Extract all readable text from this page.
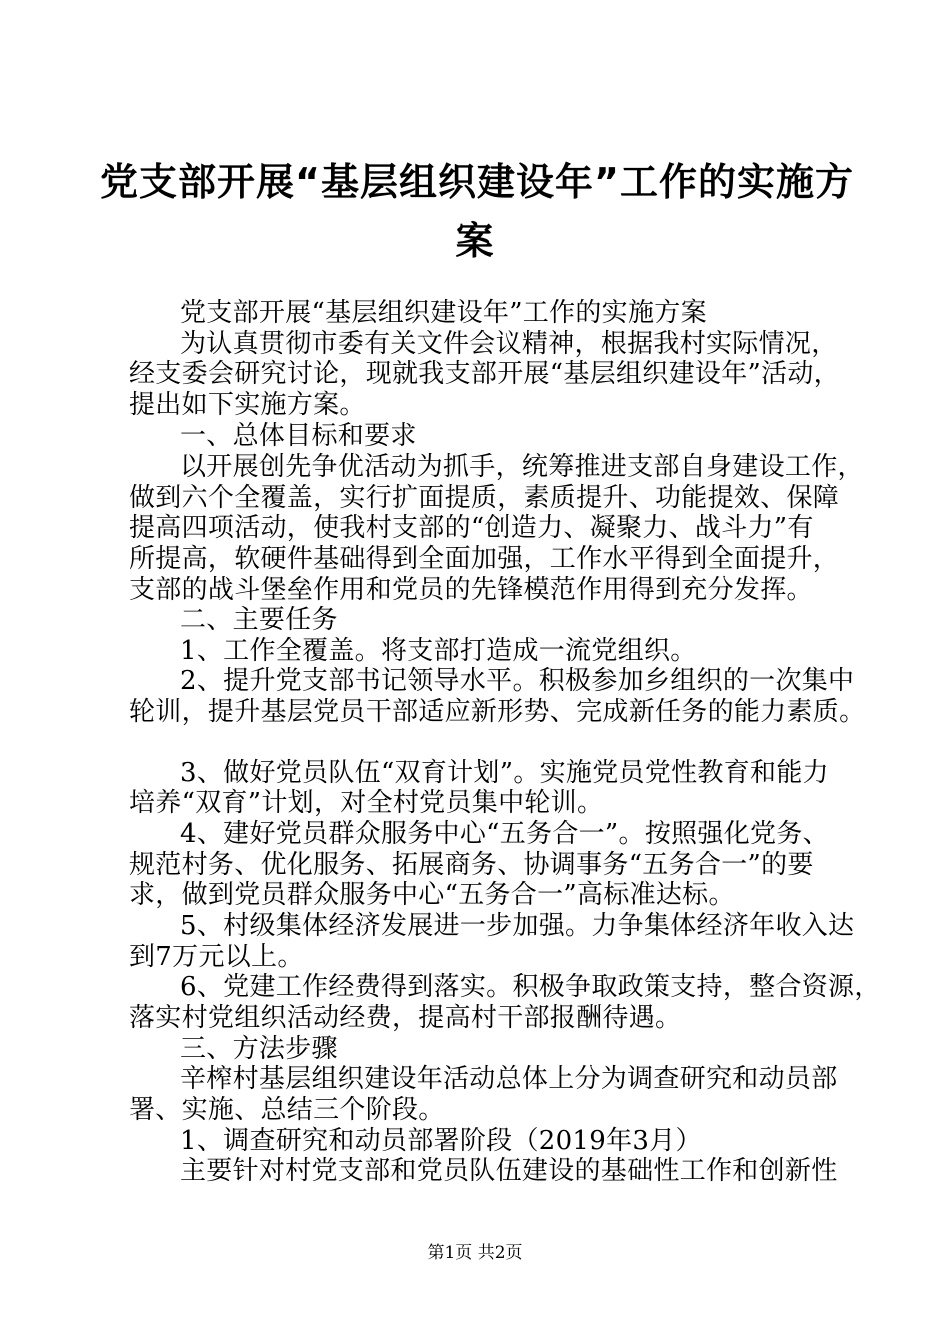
党支部开展“基层组织建设年”工作的实施方
案
党支部开展“基层组织建设年”工作的实施方案
为认真贯彻市委有关文件会议精神，根据我村实际情况，
经支委会研究讨论，现就我支部开展“基层组织建设年”活动，
提出如下实施方案。
一、总体目标和要求
以开展创先争优活动为抓手，统筹推进支部自身建设工作，
做到六个全覆盖，实行扩面提质，素质提升、功能提效、保障
提高四项活动，使我村支部的“创造力、凝聚力、战斗力”有
所提高，软硬件基础得到全面加强，工作水平得到全面提升，
支部的战斗堡垒作用和党员的先锋模范作用得到充分发挥。
二、主要任务
1、工作全覆盖。将支部打造成一流党组织。
2、提升党支部书记领导水平。积极参加乡组织的一次集中
轮训，提升基层党员干部适应新形势、完成新任务的能力素质。
3、做好党员队伍“双育计划”。实施党员党性教育和能力
培养“双育”计划，对全村党员集中轮训。
4、建好党员群众服务中心“五务合一”。按照强化党务、
规范村务、优化服务、拓展商务、协调事务“五务合一”的要
求，做到党员群众服务中心“五务合一”高标准达标。
5、村级集体经济发展进一步加强。力争集体经济年收入达
到7万元以上。
6、党建工作经费得到落实。积极争取政策支持，整合资源，
落实村党组织活动经费，提高村干部报酬待遇。
三、方法步骤
辛榨村基层组织建设年活动总体上分为调查研究和动员部
署、实施、总结三个阶段。
1、调查研究和动员部署阶段（2019年3月）
主要针对村党支部和党员队伍建设的基础性工作和创新性
第1页 共2页
